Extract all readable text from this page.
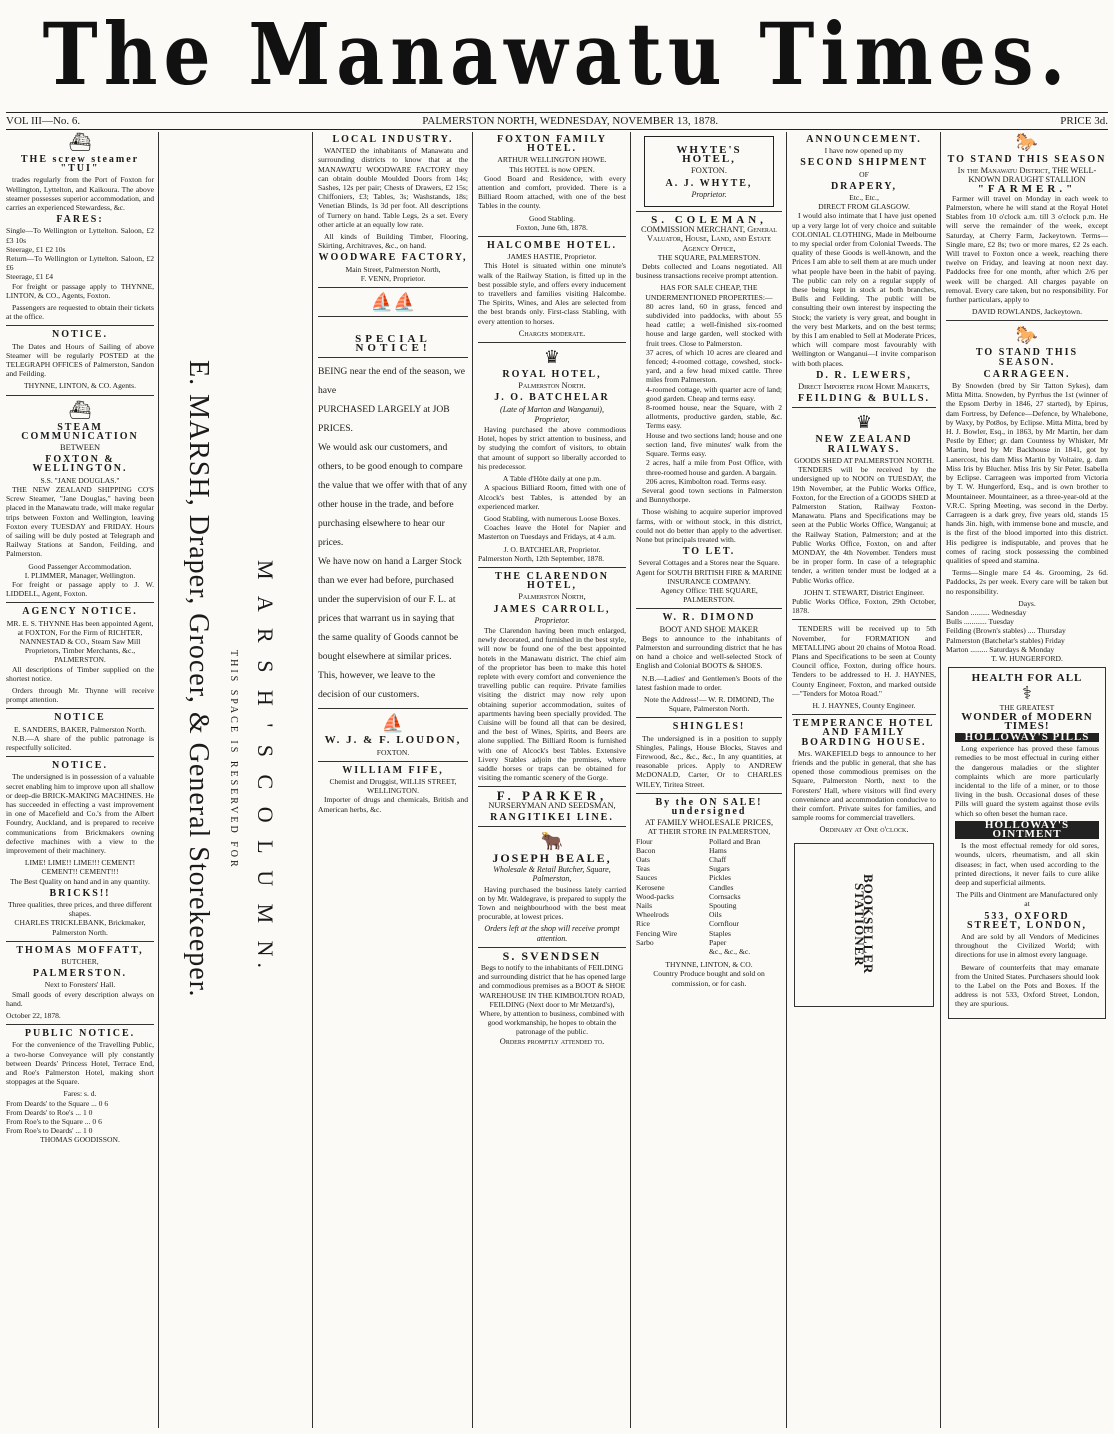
The Manawatu Times.
VOL III—No. 6.	PALMERSTON NORTH, WEDNESDAY, NOVEMBER 13, 1878.	PRICE 3d.
⛴
THE screw steamer "TUI"

trades regularly from the Port of Foxton for Wellington, Lyttelton, and Kaikoura. The above steamer possesses superior accommodation, and carries an experienced Stewardess, &c.

FARES:
Single—To Wellington or Lyttelton. Saloon, £2 £3 10s
Steerage, £1 £2 10s
Return—To Wellington or Lyttelton. Saloon, £2 £6
Steerage, £1 £4

For freight or passage apply to THYNNE, LINTON, & CO., Agents, Foxton.

Passengers are requested to obtain their tickets at the office.

NOTICE.

The Dates and Hours of Sailing of above Steamer will be regularly POSTED at the TELEGRAPH OFFICES of Palmerston, Sandon and Feilding.

THYNNE, LINTON, & CO. Agents.
⛴
STEAM COMMUNICATION
BETWEEN
FOXTON & WELLINGTON.
S.S. "JANE DOUGLAS."

THE NEW ZEALAND SHIPPING CO'S Screw Steamer, "Jane Douglas," having been placed in the Manawatu trade, will make regular trips between Foxton and Wellington, leaving Foxton every TUESDAY and FRIDAY. Hours of sailing will be duly posted at Telegraph and Railway Stations at Sandon, Feilding, and Palmerston.

Good Passenger Accommodation.
I. PLIMMER, Manager, Wellington.

For freight or passage apply to J. W. LIDDELL, Agent, Foxton.

AGENCY NOTICE.
MR. E. S. THYNNE Has been appointed Agent, at FOXTON, For the Firm of RICHTER, NANNESTAD & CO., Steam Saw Mill Proprietors, Timber Merchants, &c., PALMERSTON.

All descriptions of Timber supplied on the shortest notice.

Orders through Mr. Thynne will receive prompt attention.

NOTICE
E. SANDERS, BAKER, Palmerston North.

N.B.—A share of the public patronage is respectfully solicited.

NOTICE.

The undersigned is in possession of a valuable secret enabling him to improve upon all shallow or deep-die BRICK-MAKING MACHINES. He has succeeded in effecting a vast improvement in one of Macefield and Co.'s from the Albert Foundry, Auckland, and is prepared to receive communications from Brickmakers owning defective machines with a view to the improvement of their machinery.

LIME! LIME!! LIME!!! CEMENT! CEMENT!! CEMENT!!!
The Best Quality on hand and in any quantity.
BRICKS!!
Three qualities, three prices, and three different shapes.
CHARLES TRICKLEBANK, Brickmaker, Palmerston North.
THOMAS MOFFATT,
BUTCHER,
PALMERSTON.
Next to Foresters' Hall.

Small goods of every description always on hand.

October 22, 1878.
PUBLIC NOTICE.

For the convenience of the Travelling Public, a two-horse Conveyance will ply constantly between Deards' Princess Hotel, Terrace End, and Roe's Palmerston Hotel, making short stoppages at the Square.

Fares: s. d.
From Deards' to the Square ... 0 6
From Deards' to Roe's ... 1 0
From Roe's to the Square ... 0 6
From Roe's to Deards' ... 1 0
THOMAS GOODISSON.
E. MARSH, Draper, Grocer, & General Storekeeper. M A R S H ' S C O L U M N.
THIS SPACE IS RESERVED FOR
LOCAL INDUSTRY.

WANTED the inhabitants of Manawatu and surrounding districts to know that at the MANAWATU WOODWARE FACTORY they can obtain double Moulded Doors from 14s; Sashes, 12s per pair; Chests of Drawers, £2 15s; Chiffoniers, £3; Tables, 3s; Washstands, 18s; Venetian Blinds, 1s 3d per foot. All descriptions of Turnery on hand. Table Legs, 2s a set. Every other article at an equally low rate.

All kinds of Building Timber, Flooring, Skirting, Architraves, &c., on hand.

WOODWARE FACTORY,
Main Street, Palmerston North,
F. VENN, Proprietor.
⛵⛵
SPECIAL NOTICE!
BEING near the end of the season, we have
PURCHASED LARGELY at JOB PRICES.
We would ask our customers, and others, to be good enough to compare the value that we offer with that of any other house in the trade, and before purchasing elsewhere to hear our prices.
We have now on hand a Larger Stock than we ever had before, purchased under the supervision of our F. L. at prices that warrant us in saying that the same quality of Goods cannot be bought elsewhere at similar prices. This, however, we leave to the decision of our customers.
⛵
W. J. & F. LOUDON,
FOXTON.
WILLIAM FIFE,
Chemist and Druggist, WILLIS STREET, WELLINGTON.

Importer of drugs and chemicals, British and American herbs, &c.

FOXTON FAMILY HOTEL.
ARTHUR WELLINGTON HOWE.
This HOTEL is now OPEN.

Good Board and Residence, with every attention and comfort, provided. There is a Billiard Room attached, with one of the best Tables in the county.

Good Stabling.
Foxton, June 6th, 1878.
HALCOMBE HOTEL.
JAMES HASTIE, Proprietor.

This Hotel is situated within one minute's walk of the Railway Station, is fitted up in the best possible style, and offers every inducement to travellers and families visiting Halcombe. The Spirits, Wines, and Ales are selected from the best brands only. First-class Stabling, with every attention to horses.

Charges moderate.
♛
ROYAL HOTEL,
Palmerston North.
J. O. BATCHELAR
(Late of Marton and Wanganui),
Proprietor,

Having purchased the above commodious Hotel, hopes by strict attention to business, and by studying the comfort of visitors, to obtain that amount of support so liberally accorded to his predecessor.

A Table d'Hôte daily at one p.m.

A spacious Billiard Room, fitted with one of Alcock's best Tables, is attended by an experienced marker.

Good Stabling, with numerous Loose Boxes.

Coaches leave the Hotel for Napier and Masterton on Tuesdays and Fridays, at 4 a.m.

J. O. BATCHELAR, Proprietor.
Palmerston North, 12th September, 1878.
THE CLARENDON HOTEL,
Palmerston North,
JAMES CARROLL,
Proprietor.

The Clarendon having been much enlarged, newly decorated, and furnished in the best style, will now be found one of the best appointed hotels in the Manawatu district. The chief aim of the proprietor has been to make this hotel replete with every comfort and convenience the travelling public can require. Private families visiting the district may now rely upon obtaining superior accommodation, suites of apartments having been specially provided. The Cuisine will be found all that can be desired, and the best of Wines, Spirits, and Beers are alone supplied. The Billiard Room is furnished with one of Alcock's best Tables. Extensive Livery Stables adjoin the premises, where saddle horses or traps can be obtained for visiting the romantic scenery of the Gorge.

F. PARKER,
NURSERYMAN AND SEEDSMAN,
RANGITIKEI LINE.
🐂
JOSEPH BEALE,
Wholesale & Retail Butcher, Square, Palmerston,

Having purchased the business lately carried on by Mr. Waldegrave, is prepared to supply the Town and neighbourhood with the best meat procurable, at lowest prices.

Orders left at the shop will receive prompt attention.
S. SVENDSEN
Begs to notify to the inhabitants of FEILDING and surrounding district that he has opened large and commodious premises as a BOOT & SHOE WAREHOUSE IN THE KIMBOLTON ROAD, FEILDING (Next door to Mr Metzard's), Where, by attention to business, combined with good workmanship, he hopes to obtain the patronage of the public.
Orders promptly attended to.
WHYTE'S HOTEL,
FOXTON.
A. J. WHYTE,
Proprietor.
S. COLEMAN,
COMMISSION MERCHANT, General Valuator, House, Land, and Estate Agency Office,
THE SQUARE, PALMERSTON.

Debts collected and Loans negotiated. All business transactions receive prompt attention.

HAS FOR SALE CHEAP, THE UNDERMENTIONED PROPERTIES:—
80 acres land, 60 in grass, fenced and subdivided into paddocks, with about 55 head cattle; a well-finished six-roomed house and large garden, well stocked with fruit trees. Close to Palmerston.
37 acres, of which 10 acres are cleared and fenced; 4-roomed cottage, cowshed, stock-yard, and a few head mixed cattle. Three miles from Palmerston.
4-roomed cottage, with quarter acre of land; good garden. Cheap and terms easy.
8-roomed house, near the Square, with 2 allotments, productive garden, stable, &c. Terms easy.
House and two sections land; house and one section land, five minutes' walk from the Square. Terms easy.
2 acres, half a mile from Post Office, with three-roomed house and garden. A bargain.
206 acres, Kimbolton road. Terms easy.

Several good town sections in Palmerston and Bunnythorpe.

Those wishing to acquire superior improved farms, with or without stock, in this district, could not do better than apply to the advertiser. None but principals treated with.

TO LET.
Several Cottages and a Stores near the Square.
Agent for SOUTH BRITISH FIRE & MARINE INSURANCE COMPANY.
Agency Office: THE SQUARE, PALMERSTON.
W. R. DIMOND
BOOT AND SHOE MAKER

Begs to announce to the inhabitants of Palmerston and surrounding district that he has on hand a choice and well-selected Stock of English and Colonial BOOTS & SHOES.

N.B.—Ladies' and Gentlemen's Boots of the latest fashion made to order.

Note the Address!— W. R. DIMOND, The Square, Palmerston North.
SHINGLES!

The undersigned is in a position to supply Shingles, Palings, House Blocks, Staves and Firewood, &c., &c., &c., In any quantities, at reasonable prices. Apply to ANDREW McDONALD, Carter, Or to CHARLES WILEY, Tiritea Street.

By the ON SALE! undersigned
AT FAMILY WHOLESALE PRICES,
AT THEIR STORE IN PALMERSTON,
Flour	Pollard and Bran
Bacon	Hams
Oats	Chaff
Teas	Sugars
Sauces	Pickles
Kerosene	Candles
Wood-packs	Cornsacks
Nails	Spouting
Wheelrods	Oils
Rice	Cornflour
Fencing Wire	Staples
Sarbo	Paper
&c., &c., &c.
THYNNE, LINTON, & CO.
Country Produce bought and sold on commission, or for cash.
ANNOUNCEMENT.
I have now opened up my
SECOND SHIPMENT
OF
DRAPERY,
Etc., Etc.,
DIRECT FROM GLASGOW.

I would also intimate that I have just opened up a very large lot of very choice and suitable COLONIAL CLOTHING, Made in Melbourne to my special order from Colonial Tweeds. The quality of these Goods is well-known, and the Prices I am able to sell them at are much under what people have been in the habit of paying. The public can rely on a regular supply of these being kept in stock at both branches, Bulls and Feilding. The public will be consulting their own interest by inspecting the Stock; the variety is very great, and bought in the very best Markets, and on the best terms; by this I am enabled to Sell at Moderate Prices, which will compare most favourably with Wellington or Wanganui—I invite comparison with both places.

D. R. LEWERS,
Direct Importer from Home Markets,
FEILDING & BULLS.
♛
NEW ZEALAND RAILWAYS.
GOODS SHED AT PALMERSTON NORTH.

TENDERS will be received by the undersigned up to NOON on TUESDAY, the 19th November, at the Public Works Office, Foxton, for the Erection of a GOODS SHED at Palmerston Station, Railway Foxton-Manawatu. Plans and Specifications may be seen at the Public Works Office, Wanganui; at the Railway Station, Palmerston; and at the Public Works Office, Foxton, on and after MONDAY, the 4th November. Tenders must be in proper form. In case of a telegraphic tender, a written tender must be lodged at a Public Works office.

JOHN T. STEWART, District Engineer.
Public Works Office, Foxton, 29th October, 1878.

TENDERS will be received up to 5th November, for FORMATION and METALLING about 20 chains of Motoa Road. Plans and Specifications to be seen at County Council office, Foxton, during office hours. Tenders to be addressed to H. J. HAYNES, County Engineer, Foxton, and marked outside—"Tenders for Motoa Road."

H. J. HAYNES, County Engineer.
TEMPERANCE HOTEL AND FAMILY BOARDING HOUSE.

Mrs. WAKEFIELD begs to announce to her friends and the public in general, that she has opened those commodious premises on the Square, Palmerston North, next to the Foresters' Hall, where visitors will find every convenience and accommodation conducive to their comfort. Private suites for families, and sample rooms for commercial travellers.

Ordinary at One o'clock.
BOOKSELLER STATIONER
🐎
TO STAND THIS SEASON
In the Manawatu District, THE WELL-KNOWN DRAUGHT STALLION
"FARMER."

Farmer will travel on Monday in each week to Palmerston, where he will stand at the Royal Hotel Stables from 10 o'clock a.m. till 3 o'clock p.m. He will serve the remainder of the week, except Saturday, at Cherry Farm, Jackeytown. Terms—Single mare, £2 8s; two or more mares, £2 2s each. Will travel to Foxton once a week, reaching there twelve on Friday, and leaving at noon next day. Paddocks free for one month, after which 2/6 per week will be charged. All charges payable on removal. Every care taken, but no responsibility. For further particulars, apply to

DAVID ROWLANDS, Jackeytown.
🐎
TO STAND THIS SEASON.
CARRAGEEN.

By Snowden (bred by Sir Tatton Sykes), dam Mitta Mitta. Snowden, by Pyrrhus the 1st (winner of the Epsom Derby in 1846, 27 started), by Epirus, dam Fortress, by Defence—Defence, by Whalebone, by Waxy, by Pot8os, by Eclipse. Mitta Mitta, bred by H. J. Bowler, Esq., in 1863, by Mr Martin, her dam Pestle by Ether; gr. dam Countess by Whisker, Mr Martin, bred by Mr Backhouse in 1841, got by Lanercost, his dam Miss Martin by Voltaire, g. dam Miss Iris by Blucher. Miss Iris by Sir Peter. Isabella by Eclipse. Carrageen was imported from Victoria by T. W. Hungerford, Esq., and is own brother to Mountaineer. Mountaineer, as a three-year-old at the V.R.C. Spring Meeting, was second in the Derby. Carrageen is a dark grey, five years old, stands 15 hands 3in. high, with immense bone and muscle, and is the first of the blood imported into this district. His pedigree is indisputable, and proves that he comes of racing stock possessing the combined qualities of speed and stamina.

Terms—Single mare £4 4s. Grooming, 2s 6d. Paddocks, 2s per week. Every care will be taken but no responsibility.

Days.
Sandon .......... Wednesday
Bulls ............ Tuesday
Feilding (Brown's stables) .... Thursday
Palmerston (Batchelar's stables) Friday
Marton ......... Saturdays & Monday
T. W. HUNGERFORD.
HEALTH FOR ALL
⚕
THE GREATEST
WONDER of MODERN TIMES!
HOLLOWAY'S PILLS

Long experience has proved these famous remedies to be most effectual in curing either the dangerous maladies or the slighter complaints which are more particularly incidental to the life of a miner, or to those living in the bush. Occasional doses of these Pills will guard the system against those evils which so often beset the human race.

HOLLOWAY'S OINTMENT

Is the most effectual remedy for old sores, wounds, ulcers, rheumatism, and all skin diseases; in fact, when used according to the printed directions, it never fails to cure alike deep and superficial ailments.

The Pills and Ointment are Manufactured only at
533, OXFORD STREET, LONDON,

And are sold by all Vendors of Medicines throughout the Civilized World; with directions for use in almost every language.

Beware of counterfeits that may emanate from the United States. Purchasers should look to the Label on the Pots and Boxes. If the address is not 533, Oxford Street, London, they are spurious.
